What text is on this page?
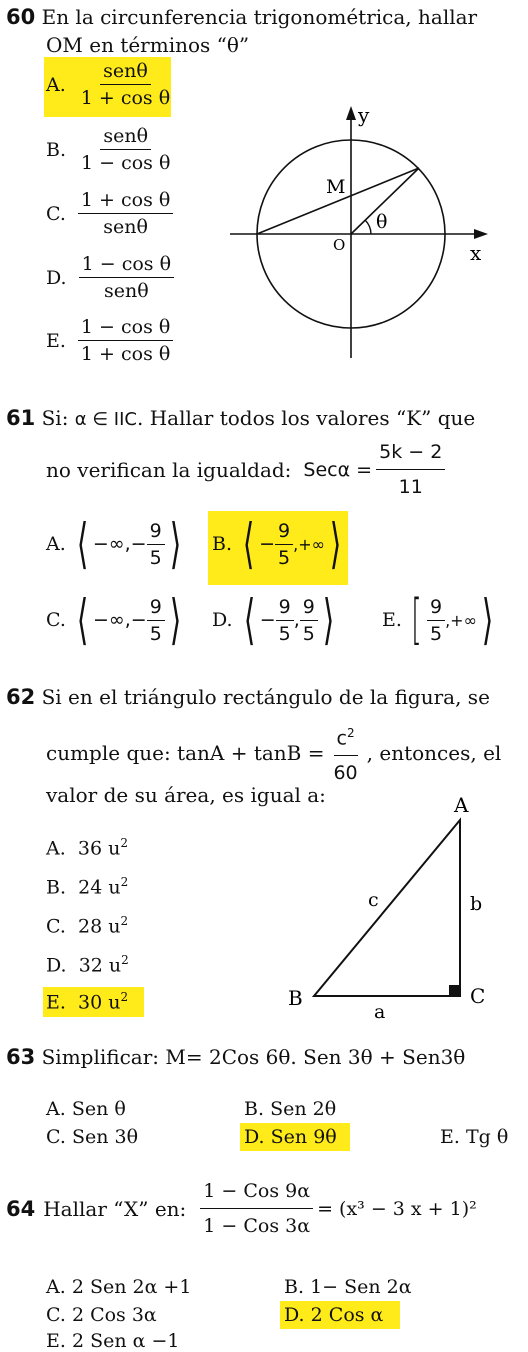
60 En la circunferencia trigonométrica, hallar
OM en términos “θ”
A. $\frac{\text{senθ}}{\text{1 + cos θ}}$
B. $\frac{\text{senθ}}{\text{1 − cos θ}}$
C. $\frac{\text{1 + cos θ}}{\text{senθ}}$
D. $\frac{\text{1 − cos θ}}{\text{senθ}}$
E. $\frac{\text{1 − cos θ}}{\text{1 + cos θ}}$
y
x
M
O
θ
61 Si: α ∈ IIC. Hallar todos los valores “K” que
no verifican la igualdad: $Sec\alpha = \frac{5k - 2}{11}$
A. ⟨ −∞,− $\frac{9}{5}$ ⟩ B. ⟨ − $\frac{9}{5}$ ,+∞ ⟩
C. ⟨ −∞,− $\frac{9}{5}$ ⟩ D. ⟨ − $\frac{9}{5}$ , $\frac{9}{5}$ ⟩	E. [ $\frac{9}{5}$ ,+∞ ⟩
62 Si en el triángulo rectángulo de la figura, se
cumple que: $\tan A + \tan B = \frac{c^2}{60}$ , entonces, el
valor de su área, es igual a:
A. 36 $u^2$
B. 24 $u^2$
C. 28 $u^2$
D. 32 $u^2$
E. 30 $u^2$
A
B	C
a
b
c
63 Simplificar: M= 2Cos 6θ. Sen 3θ + Sen3θ
A. Sen θ	B. Sen 2θ
C. Sen 3θ	D. Sen 9θ	E. Tg θ
64 Hallar “X” en: $\frac{\text{1 − Cos 9α}}{\text{1 − Cos 3α}} = (x^3 - 3$ x + 1)²
A. 2 Sen 2α +1	B. 1− Sen 2α
C. 2 Cos 3α	D. 2 Cos α
E. 2 Sen α −1
